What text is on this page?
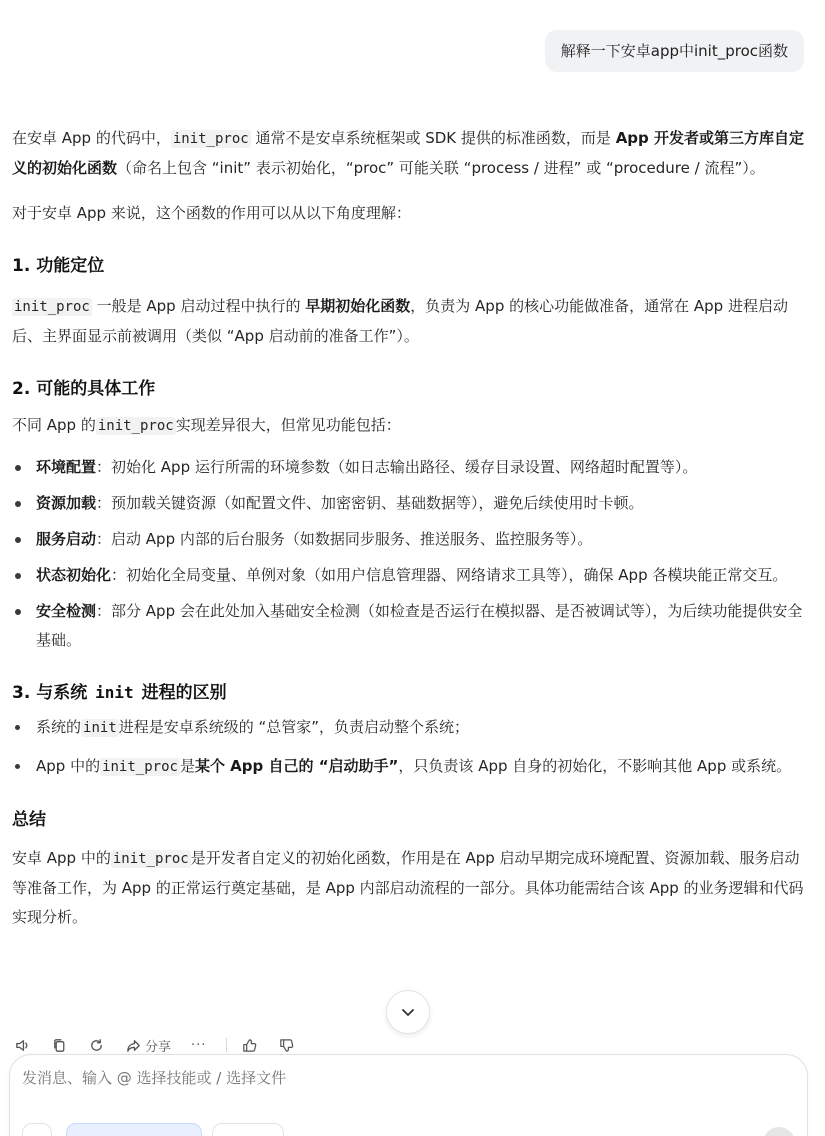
解释一下安卓app中init_proc函数

在安卓 App 的代码中， init_proc 通常不是安卓系统框架或 SDK 提供的标准函数，而是 App 开发者或第三方库自定义的初始化函数（命名上包含 “init” 表示初始化，“proc” 可能关联 “process / 进程” 或 “procedure / 流程”）。

对于安卓 App 来说，这个函数的作用可以从以下角度理解：

1. 功能定位

init_proc 一般是 App 启动过程中执行的 早期初始化函数，负责为 App 的核心功能做准备，通常在 App 进程启动后、主界面显示前被调用（类似 “App 启动前的准备工作”）。

2. 可能的具体工作

不同 App 的 init_proc 实现差异很大，但常见功能包括：

环境配置：初始化 App 运行所需的环境参数（如日志输出路径、缓存目录设置、网络超时配置等）。
资源加载：预加载关键资源（如配置文件、加密密钥、基础数据等），避免后续使用时卡顿。
服务启动：启动 App 内部的后台服务（如数据同步服务、推送服务、监控服务等）。
状态初始化：初始化全局变量、单例对象（如用户信息管理器、网络请求工具等），确保 App 各模块能正常交互。
安全检测：部分 App 会在此处加入基础安全检测（如检查是否运行在模拟器、是否被调试等），为后续功能提供安全基础。
3. 与系统 init 进程的区别
系统的 init 进程是安卓系统级的 “总管家”，负责启动整个系统；
App 中的 init_proc 是某个 App 自己的 “启动助手”，只负责该 App 自身的初始化，不影响其他 App 或系统。
总结

安卓 App 中的 init_proc 是开发者自定义的初始化函数，作用是在 App 启动早期完成环境配置、资源加载、服务启动等准备工作，为 App 的正常运行奠定基础，是 App 内部启动流程的一部分。具体功能需结合该 App 的业务逻辑和代码实现分析。

分享 ···
发消息、输入 @ 选择技能或 / 选择文件
